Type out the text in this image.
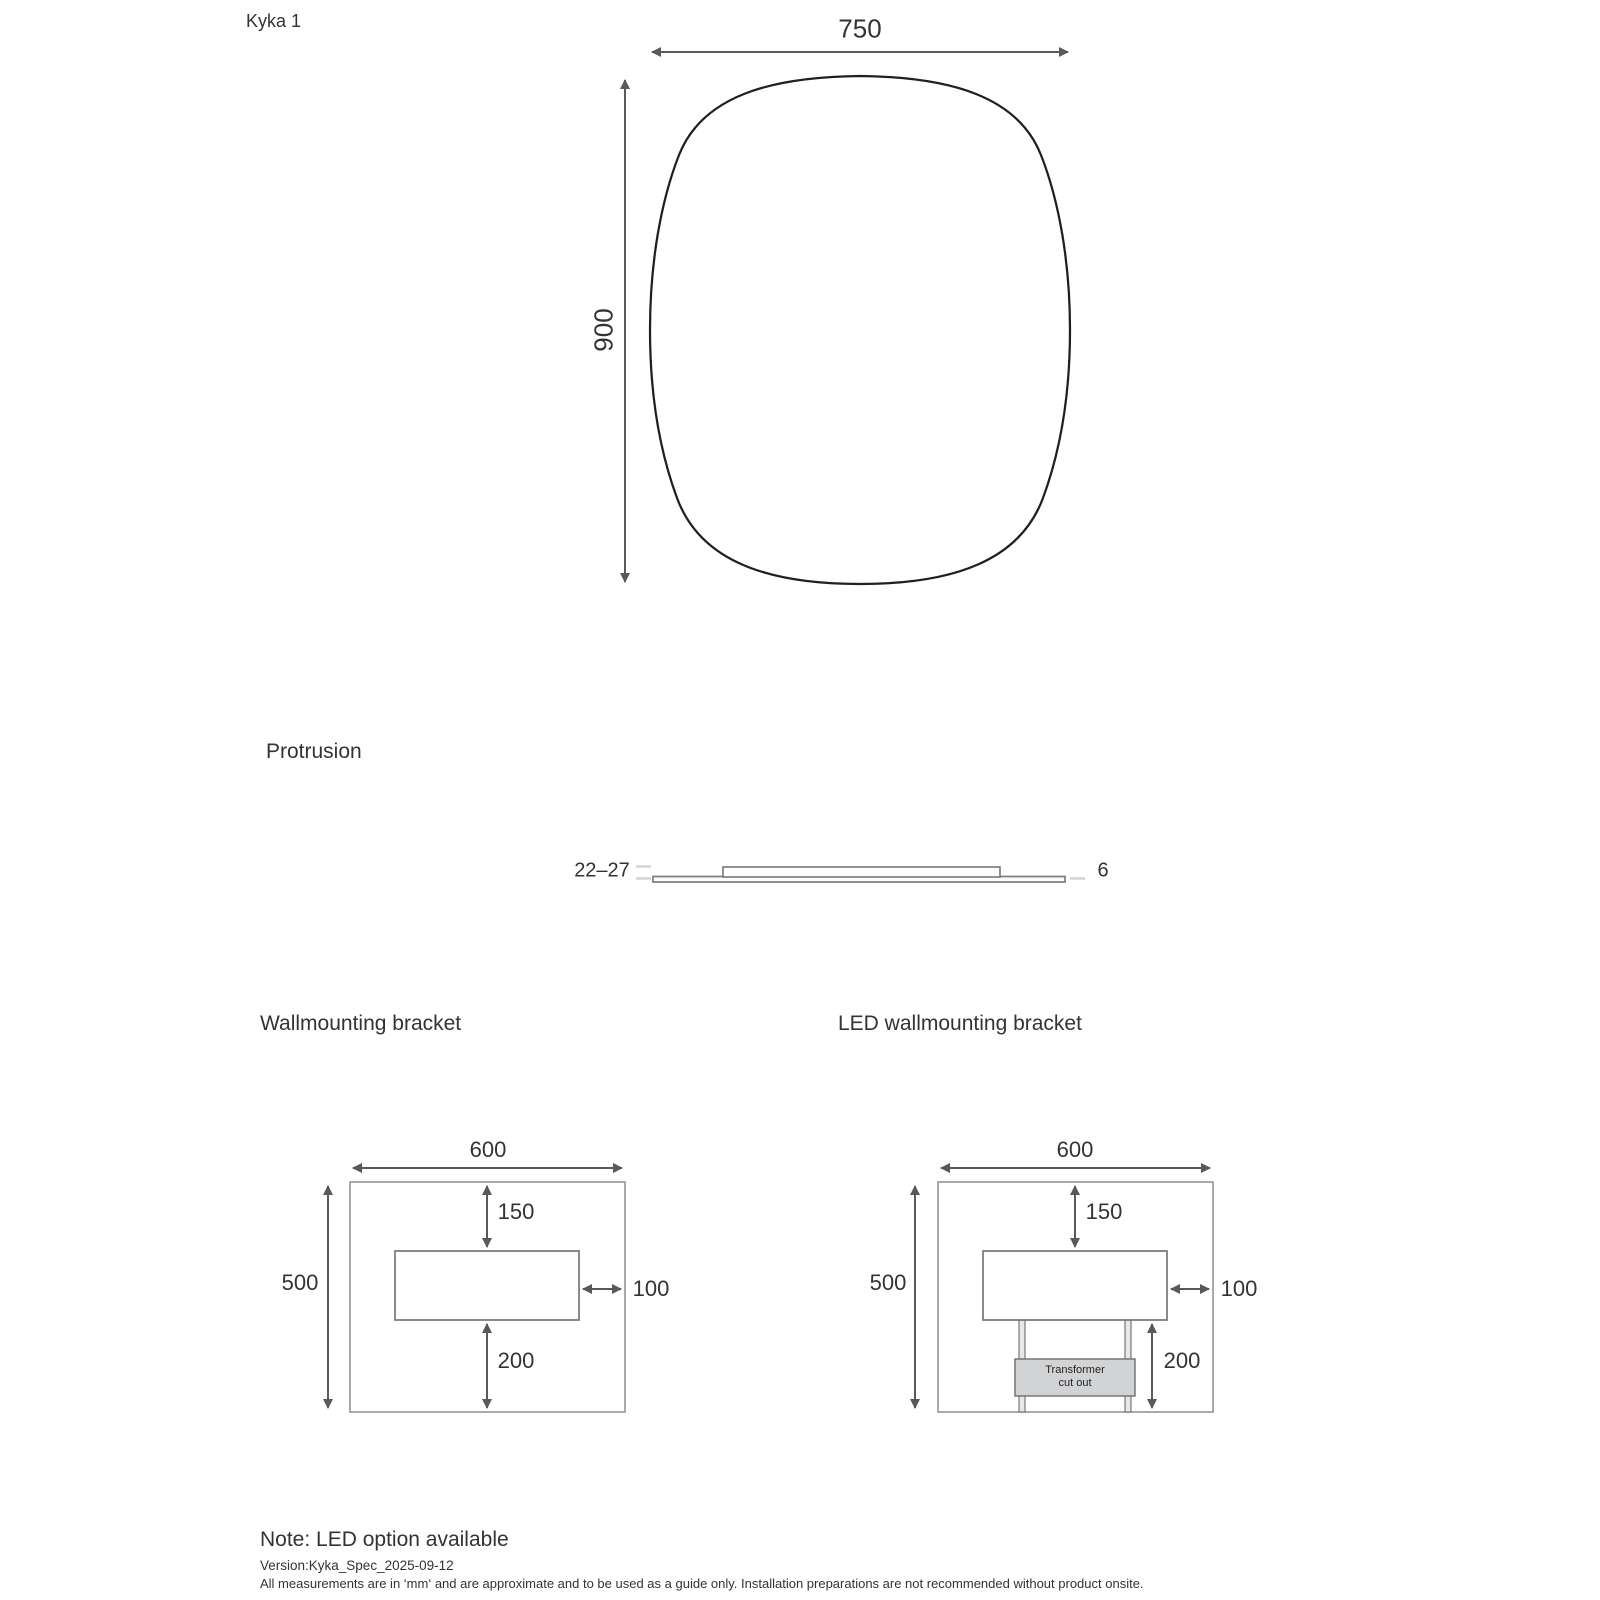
Kyka 1	750
900
Protrusion
22–27	6
Wallmounting bracket	LED wallmounting bracket
600
500
150
100
200
600
500
150
100
200
Transformer
cut out
Note: LED option available
Version:Kyka_Spec_2025-09-12
All measurements are in ‘mm‘ and are approximate and to be used as a guide only. Installation preparations are not recommended without product onsite.
